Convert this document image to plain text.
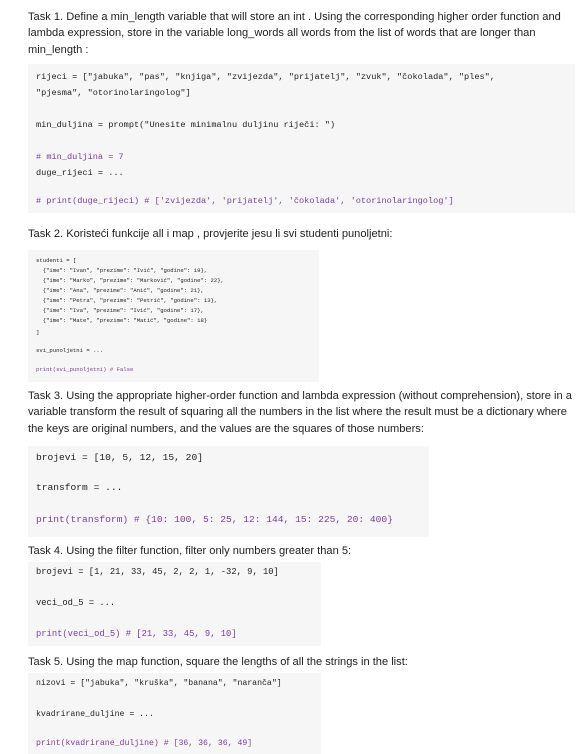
Task 1. Define a min_length variable that will store an int . Using the corresponding higher order function and lambda expression, store in the variable long_words all words from the list of words that are longer than min_length :

rijeci = ["jabuka", "pas", "knjiga", "zvijezda", "prijatelj", "zvuk", "čokolada", "ples",

"pjesma", "otorinolaringolog"]

min_duljina = prompt("Unesite minimalnu duljinu riječi: ")

# min_duljina = 7

duge_rijeci = ...

# print(duge_rijeci) # ['zvijezda', 'prijatelj', 'čokolada', 'otorinolaringolog']

Task 2. Koristeći funkcije all i map , provjerite jesu li svi studenti punoljetni:

studenti = [

{"ime": "Ivan", "prezime": "Ivić", "godine": 19},

{"ime": "Marko", "prezime": "Marković", "godine": 22},

{"ime": "Ana", "prezime": "Anić", "godine": 21},

{"ime": "Petra", "prezime": "Petrić", "godine": 13},

{"ime": "Iva", "prezime": "Ivić", "godine": 17},

{"ime": "Mate", "prezime": "Matić", "godine": 18}

]

svi_punoljetni = ...

print(svi_punoljetni) # False

Task 3. Using the appropriate higher-order function and lambda expression (without comprehension), store in a variable transform the result of squaring all the numbers in the list where the result must be a dictionary where the keys are original numbers, and the values are the squares of those numbers:

brojevi = [10, 5, 12, 15, 20]

transform = ...

print(transform) # {10: 100, 5: 25, 12: 144, 15: 225, 20: 400}

Task 4. Using the filter function, filter only numbers greater than 5:

brojevi = [1, 21, 33, 45, 2, 2, 1, -32, 9, 10]

veci_od_5 = ...

print(veci_od_5) # [21, 33, 45, 9, 10]

Task 5. Using the map function, square the lengths of all the strings in the list:

nizovi = ["jabuka", "kruška", "banana", "naranča"]

kvadrirane_duljine = ...

print(kvadrirane_duljine) # [36, 36, 36, 49]
